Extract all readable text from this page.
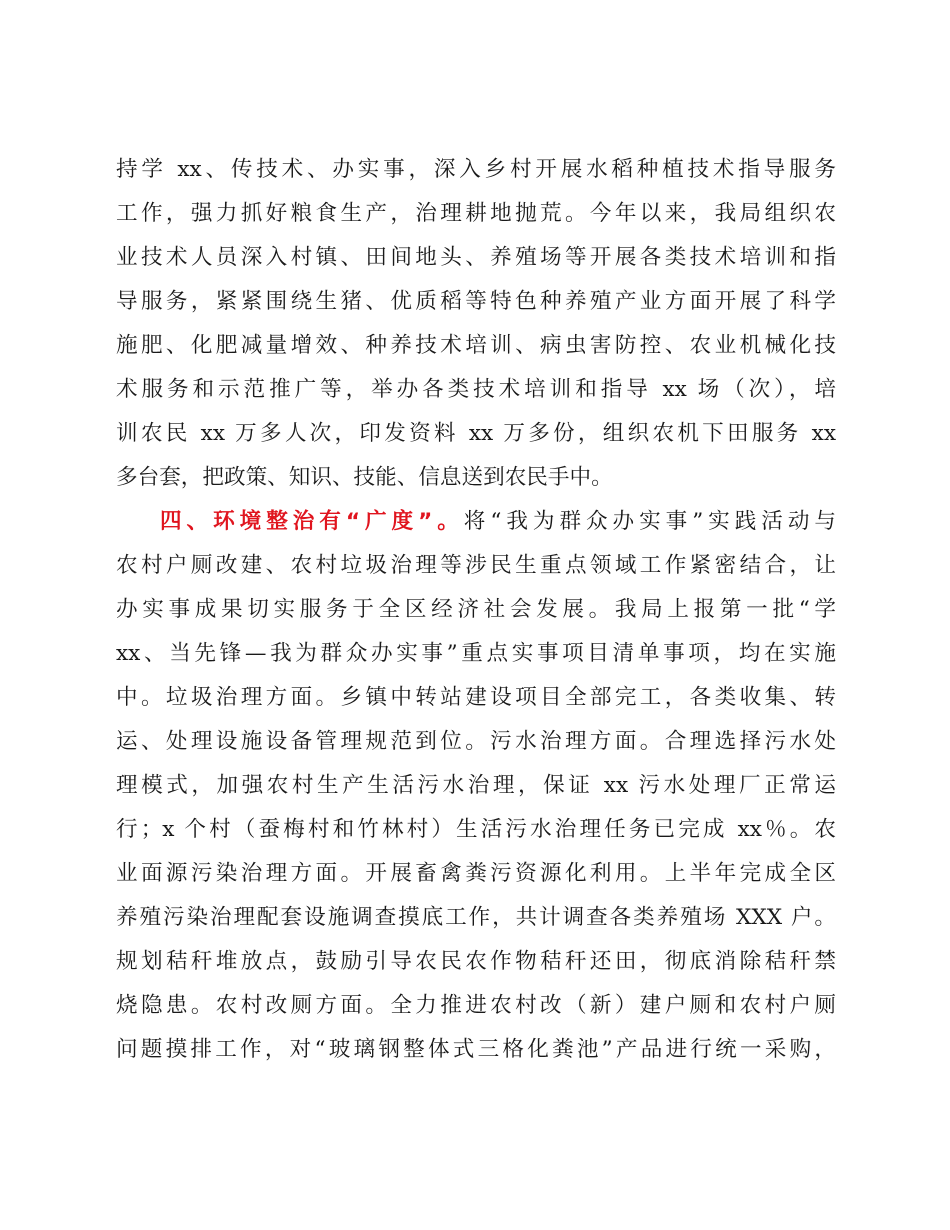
持学 xx、传技术、办实事，深入乡村开展水稻种植技术指导服务
工作，强力抓好粮食生产，治理耕地抛荒。今年以来，我局组织农
业技术人员深入村镇、田间地头、养殖场等开展各类技术培训和指
导服务，紧紧围绕生猪、优质稻等特色种养殖产业方面开展了科学
施肥、化肥减量增效、种养技术培训、病虫害防控、农业机械化技
术服务和示范推广等，举办各类技术培训和指导 xx 场（次），培
训农民 xx 万多人次，印发资料 xx 万多份，组织农机下田服务 xx
多台套，把政策、知识、技能、信息送到农民手中。
四、环境整治有“广度”。将“我为群众办实事”实践活动与
农村户厕改建、农村垃圾治理等涉民生重点领域工作紧密结合，让
办实事成果切实服务于全区经济社会发展。我局上报第一批“学
xx、当先锋—我为群众办实事”重点实事项目清单事项，均在实施
中。垃圾治理方面。乡镇中转站建设项目全部完工，各类收集、转
运、处理设施设备管理规范到位。污水治理方面。合理选择污水处
理模式，加强农村生产生活污水治理，保证 xx 污水处理厂正常运
行；x 个村（蚕梅村和竹林村）生活污水治理任务已完成 xx％。农
业面源污染治理方面。开展畜禽粪污资源化利用。上半年完成全区
养殖污染治理配套设施调查摸底工作，共计调查各类养殖场 XXX 户。
规划秸秆堆放点，鼓励引导农民农作物秸秆还田，彻底消除秸秆禁
烧隐患。农村改厕方面。全力推进农村改（新）建户厕和农村户厕
问题摸排工作，对“玻璃钢整体式三格化粪池”产品进行统一采购，
